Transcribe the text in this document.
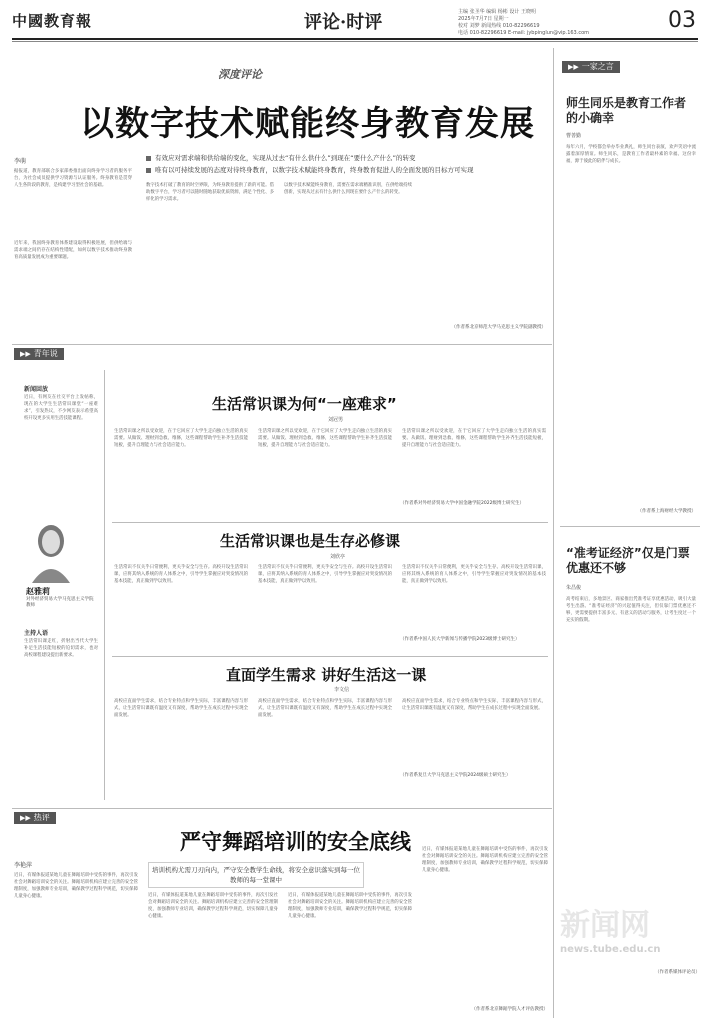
中國教育報	评论·时评	主编 张圣华 编辑 杨彬 设计 王晓明
2025年7月7日 星期一
校对 刘梦 新闻热线 010-82296619
电话 010-82296619 E-mail: jybpinglun@vip.163.com	03
深度评论
以数字技术赋能终身教育发展
李萌	有效应对需求端和供给端的变化，实现从过去“有什么供什么”到现在“要什么产什么”的转变
唯有以可持续发展的态度对待终身教育，以数字技术赋能终身教育，终身教育促进人的全面发展的目标方可实现
据报道，教育部联合多家部委推出面向终身学习者的服务平台，为社会成员提供学习资源与认证服务。终身教育是贯穿人生各阶段的教育，是构建学习型社会的基础。
近年来，我国终身教育体系建设取得积极进展，但供给端与需求端之间仍存在结构性错配，如何以数字技术推动终身教育高质量发展成为重要课题。
数字技术打破了教育的时空界限，为终身教育提供了新的可能。借助数字平台，学习者可以随时随地获取优质资源，满足个性化、多样化的学习需求。
以数字技术赋能终身教育，需要在需求端精准识别，在供给端持续创新，实现从过去有什么供什么到现在要什么产什么的转变。
（作者系北京师范大学马克思主义学院副教授）
▶▶ 青年说
新闻回放
近日，有网友在社交平台上发帖称，现在的大学生生活常识课堂“一座难求”，引发热议，不少网友表示希望高校开设更多实用生活技能课程。
赵雅莉
对外经济贸易大学马克思主义学院教师
主持人语
生活常识课走红，折射出当代大学生补足生活技能短板的迫切需求，也对高校课程建设提出新要求。
生活常识课为何“一座难求”
刘冠男
生活常识课之所以受欢迎，在于它回应了大学生走向独立生活的真实需要。从做饭、理财到急救、维修，这些课程帮助学生补齐生活技能短板，提升自理能力与社会适应能力。
生活常识课之所以受欢迎，在于它回应了大学生走向独立生活的真实需要。从做饭、理财到急救、维修，这些课程帮助学生补齐生活技能短板，提升自理能力与社会适应能力。
生活常识课之所以受欢迎，在于它回应了大学生走向独立生活的真实需要。从做饭、理财到急救、维修，这些课程帮助学生补齐生活技能短板，提升自理能力与社会适应能力。
（作者系对外经济贸易大学中国金融学院2022级博士研究生）
生活常识课也是生存必修课
刘欣亭
生活常识不仅关乎日常便利，更关乎安全与生存。高校开设生活常识课，应将其纳入系统的育人体系之中，引导学生掌握应对突发情况的基本技能，真正做到学以致用。
生活常识不仅关乎日常便利，更关乎安全与生存。高校开设生活常识课，应将其纳入系统的育人体系之中，引导学生掌握应对突发情况的基本技能，真正做到学以致用。
生活常识不仅关乎日常便利，更关乎安全与生存。高校开设生活常识课，应将其纳入系统的育人体系之中，引导学生掌握应对突发情况的基本技能，真正做到学以致用。
（作者系中国人民大学新闻与传播学院2023级博士研究生）
直面学生需求 讲好生活这一课
李文信
高校应直面学生需求，结合专业特点和学生实际，丰富课程内容与形式，让生活常识课既有温度又有深度，帮助学生在成长过程中实现全面发展。
高校应直面学生需求，结合专业特点和学生实际，丰富课程内容与形式，让生活常识课既有温度又有深度，帮助学生在成长过程中实现全面发展。
高校应直面学生需求，结合专业特点和学生实际，丰富课程内容与形式，让生活常识课既有温度又有深度，帮助学生在成长过程中实现全面发展。
（作者系复旦大学马克思主义学院2024级硕士研究生）
▶▶ 热评
严守舞蹈培训的安全底线
李艳萍
培训机构尤需刀刃向内，严守安全教学生命线，将安全意识落实到每一位教师的每一堂课中
近日，有媒体报道某地儿童在舞蹈培训中受伤的事件，再次引发社会对舞蹈培训安全的关注。舞蹈培训机构应建立完善的安全管理制度，加强教师专业培训，确保教学过程科学规范，切实保障儿童身心健康。	近日，有媒体报道某地儿童在舞蹈培训中受伤的事件，再次引发社会对舞蹈培训安全的关注。舞蹈培训机构应建立完善的安全管理制度，加强教师专业培训，确保教学过程科学规范，切实保障儿童身心健康。
近日，有媒体报道某地儿童在舞蹈培训中受伤的事件，再次引发社会对舞蹈培训安全的关注。舞蹈培训机构应建立完善的安全管理制度，加强教师专业培训，确保教学过程科学规范，切实保障儿童身心健康。
近日，有媒体报道某地儿童在舞蹈培训中受伤的事件，再次引发社会对舞蹈培训安全的关注。舞蹈培训机构应建立完善的安全管理制度，加强教师专业培训，确保教学过程科学规范，切实保障儿童身心健康。
（作者系北京舞蹈学院人才评估教授）
▶▶ 一家之言
师生同乐是教育工作者的小确幸
曹善勤
每年六月，学校都会举办毕业典礼，师生同台表演，欢声笑语中流露着深厚情谊。师生同乐，是教育工作者最朴素的幸福。这份幸福，源于彼此的陪伴与成长。
（作者系上海财经大学教授）
“准考证经济”仅是门票优惠还不够
朱昌俊
高考结束后，多地景区、商家推出凭准考证享优惠活动，吸引大量考生出游。“准考证经济”的兴起值得关注，但仅靠门票优惠还不够，更需要提供丰富多元、有意义的活动与服务，让考生度过一个充实的假期。
新闻网
news.tube.edu.cn
（作者系媒体评论员）
